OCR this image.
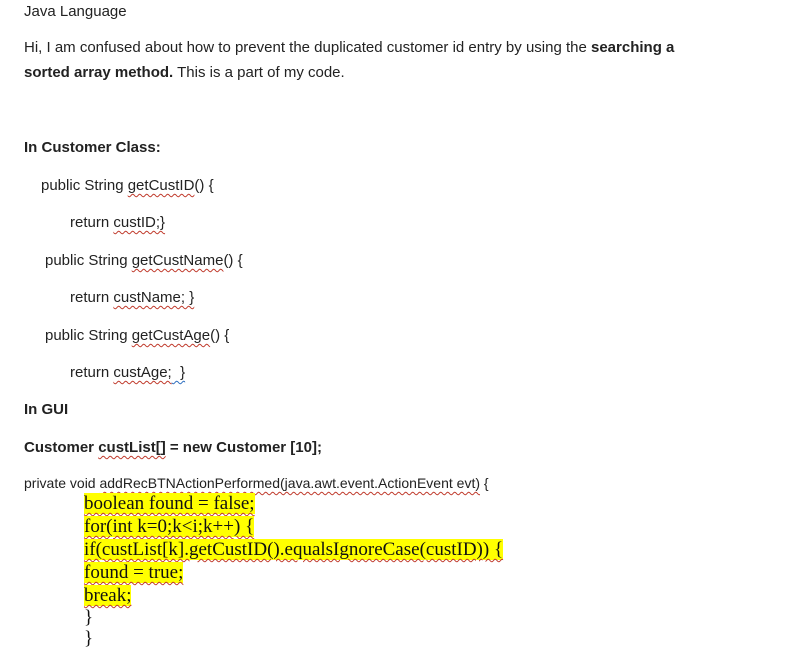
Java Language
Hi, I am confused about how to prevent the duplicated customer id entry by using the searching a
sorted array method. This is a part of my code.
In Customer Class:
public String getCustID() {
return custID;}
public String getCustName() {
return custName; }
public String getCustAge() {
return custAge;  }
In GUI
Customer custList[] = new Customer [10];
private void addRecBTNActionPerformed(java.awt.event.ActionEvent evt) {
boolean found = false;
for(int k=0;k<i;k++) {
if(custList[k].getCustID().equalsIgnoreCase(custID)) {
found = true;
break;
}
}
